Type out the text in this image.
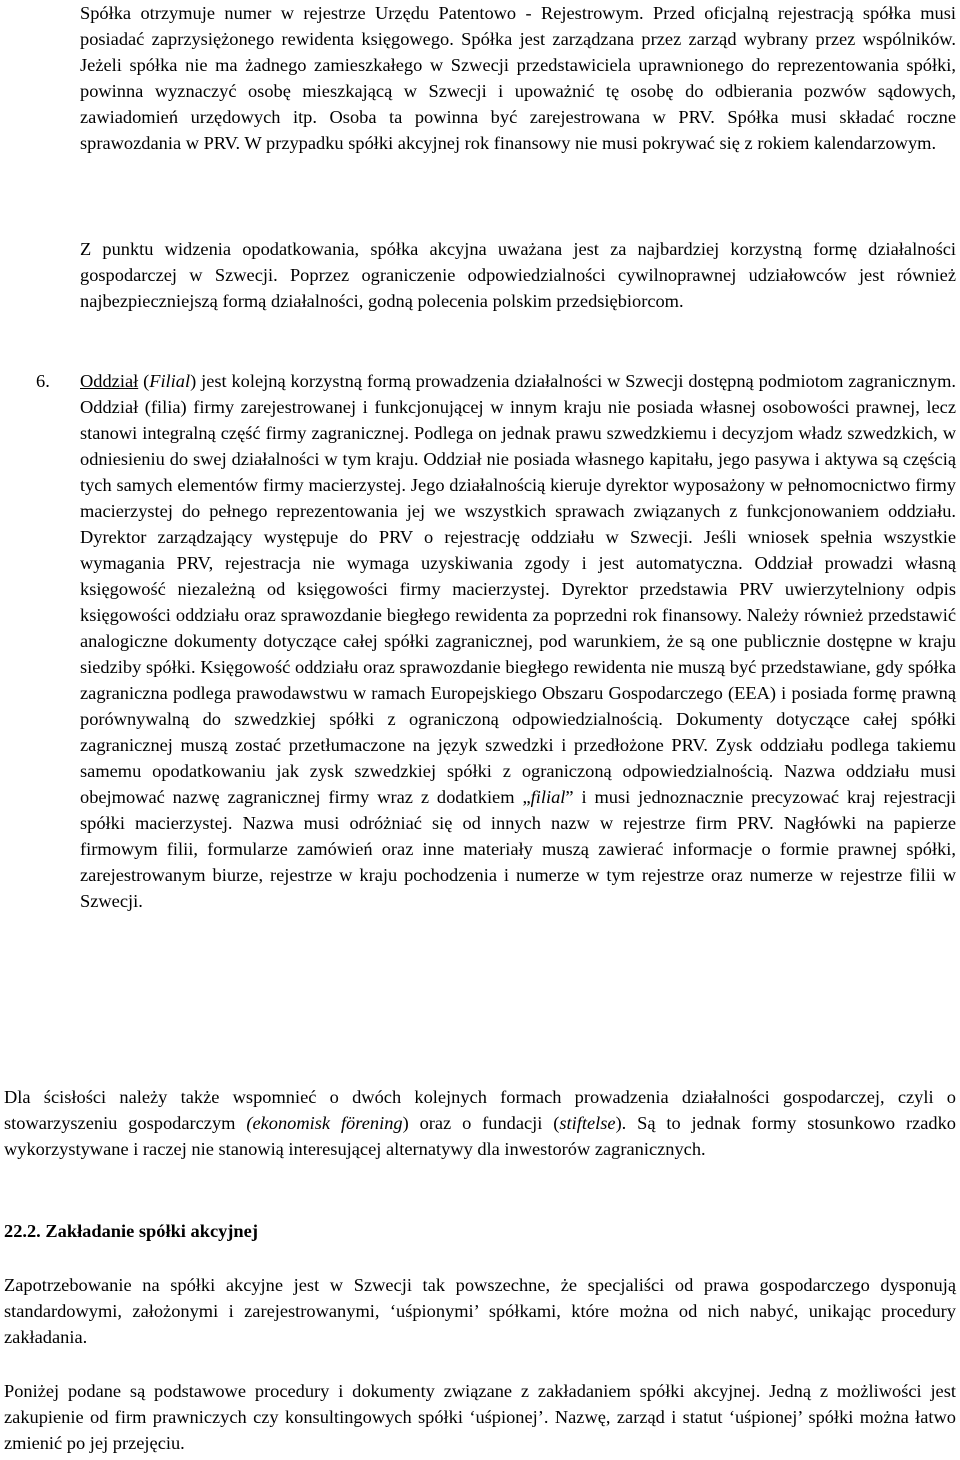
Spółka otrzymuje numer w rejestrze Urzędu Patentowo - Rejestrowym. Przed oficjalną rejestracją spółka musi posiadać zaprzysiężonego rewidenta księgowego. Spółka jest zarządzana przez zarząd wybrany przez wspólników. Jeżeli spółka nie ma żadnego zamieszkałego w Szwecji przedstawiciela uprawnionego do reprezentowania spółki, powinna wyznaczyć osobę mieszkającą w Szwecji i upoważnić tę osobę do odbierania pozwów sądowych, zawiadomień urzędowych itp. Osoba ta powinna być zarejestrowana w PRV. Spółka musi składać roczne sprawozdania w PRV. W przypadku spółki akcyjnej rok finansowy nie musi pokrywać się z rokiem kalendarzowym.

Z punktu widzenia opodatkowania, spółka akcyjna uważana jest za najbardziej korzystną formę działalności gospodarczej w Szwecji. Poprzez ograniczenie odpowiedzialności cywilnoprawnej udziałowców jest również najbezpieczniejszą formą działalności, godną polecenia polskim przedsiębiorcom.

6. Oddział (Filial) jest kolejną korzystną formą prowadzenia działalności w Szwecji dostępną podmiotom zagranicznym. Oddział (filia) firmy zarejestrowanej i funkcjonującej w innym kraju nie posiada własnej osobowości prawnej, lecz stanowi integralną część firmy zagranicznej. Podlega on jednak prawu szwedzkiemu i decyzjom władz szwedzkich, w odniesieniu do swej działalności w tym kraju. Oddział nie posiada własnego kapitału, jego pasywa i aktywa są częścią tych samych elementów firmy macierzystej. Jego działalnością kieruje dyrektor wyposażony w pełnomocnictwo firmy macierzystej do pełnego reprezentowania jej we wszystkich sprawach związanych z funkcjonowaniem oddziału. Dyrektor zarządzający występuje do PRV o rejestrację oddziału w Szwecji. Jeśli wniosek spełnia wszystkie wymagania PRV, rejestracja nie wymaga uzyskiwania zgody i jest automatyczna. Oddział prowadzi własną księgowość niezależną od księgowości firmy macierzystej. Dyrektor przedstawia PRV uwierzytelniony odpis księgowości oddziału oraz sprawozdanie biegłego rewidenta za poprzedni rok finansowy. Należy również przedstawić analogiczne dokumenty dotyczące całej spółki zagranicznej, pod warunkiem, że są one publicznie dostępne w kraju siedziby spółki. Księgowość oddziału oraz sprawozdanie biegłego rewidenta nie muszą być przedstawiane, gdy spółka zagraniczna podlega prawodawstwu w ramach Europejskiego Obszaru Gospodarczego (EEA) i posiada formę prawną porównywalną do szwedzkiej spółki z ograniczoną odpowiedzialnością. Dokumenty dotyczące całej spółki zagranicznej muszą zostać przetłumaczone na język szwedzki i przedłożone PRV. Zysk oddziału podlega takiemu samemu opodatkowaniu jak zysk szwedzkiej spółki z ograniczoną odpowiedzialnością. Nazwa oddziału musi obejmować nazwę zagranicznej firmy wraz z dodatkiem „filial” i musi jednoznacznie precyzować kraj rejestracji spółki macierzystej. Nazwa musi odróżniać się od innych nazw w rejestrze firm PRV. Nagłówki na papierze firmowym filii, formularze zamówień oraz inne materiały muszą zawierać informacje o formie prawnej spółki, zarejestrowanym biurze, rejestrze w kraju pochodzenia i numerze w tym rejestrze oraz numerze w rejestrze filii w Szwecji.

Dla ścisłości należy także wspomnieć o dwóch kolejnych formach prowadzenia działalności gospodarczej, czyli o stowarzyszeniu gospodarczym (ekonomisk förening) oraz o fundacji (stiftelse). Są to jednak formy stosunkowo rzadko wykorzystywane i raczej nie stanowią interesującej alternatywy dla inwestorów zagranicznych.

22.2. Zakładanie spółki akcyjnej

Zapotrzebowanie na spółki akcyjne jest w Szwecji tak powszechne, że specjaliści od prawa gospodarczego dysponują standardowymi, założonymi i zarejestrowanymi, ‘uśpionymi’ spółkami, które można od nich nabyć, unikając procedury zakładania.

Poniżej podane są podstawowe procedury i dokumenty związane z zakładaniem spółki akcyjnej. Jedną z możliwości jest zakupienie od firm prawniczych czy konsultingowych spółki ‘uśpionej’. Nazwę, zarząd i statut ‘uśpionej’ spółki można łatwo zmienić po jej przejęciu.
